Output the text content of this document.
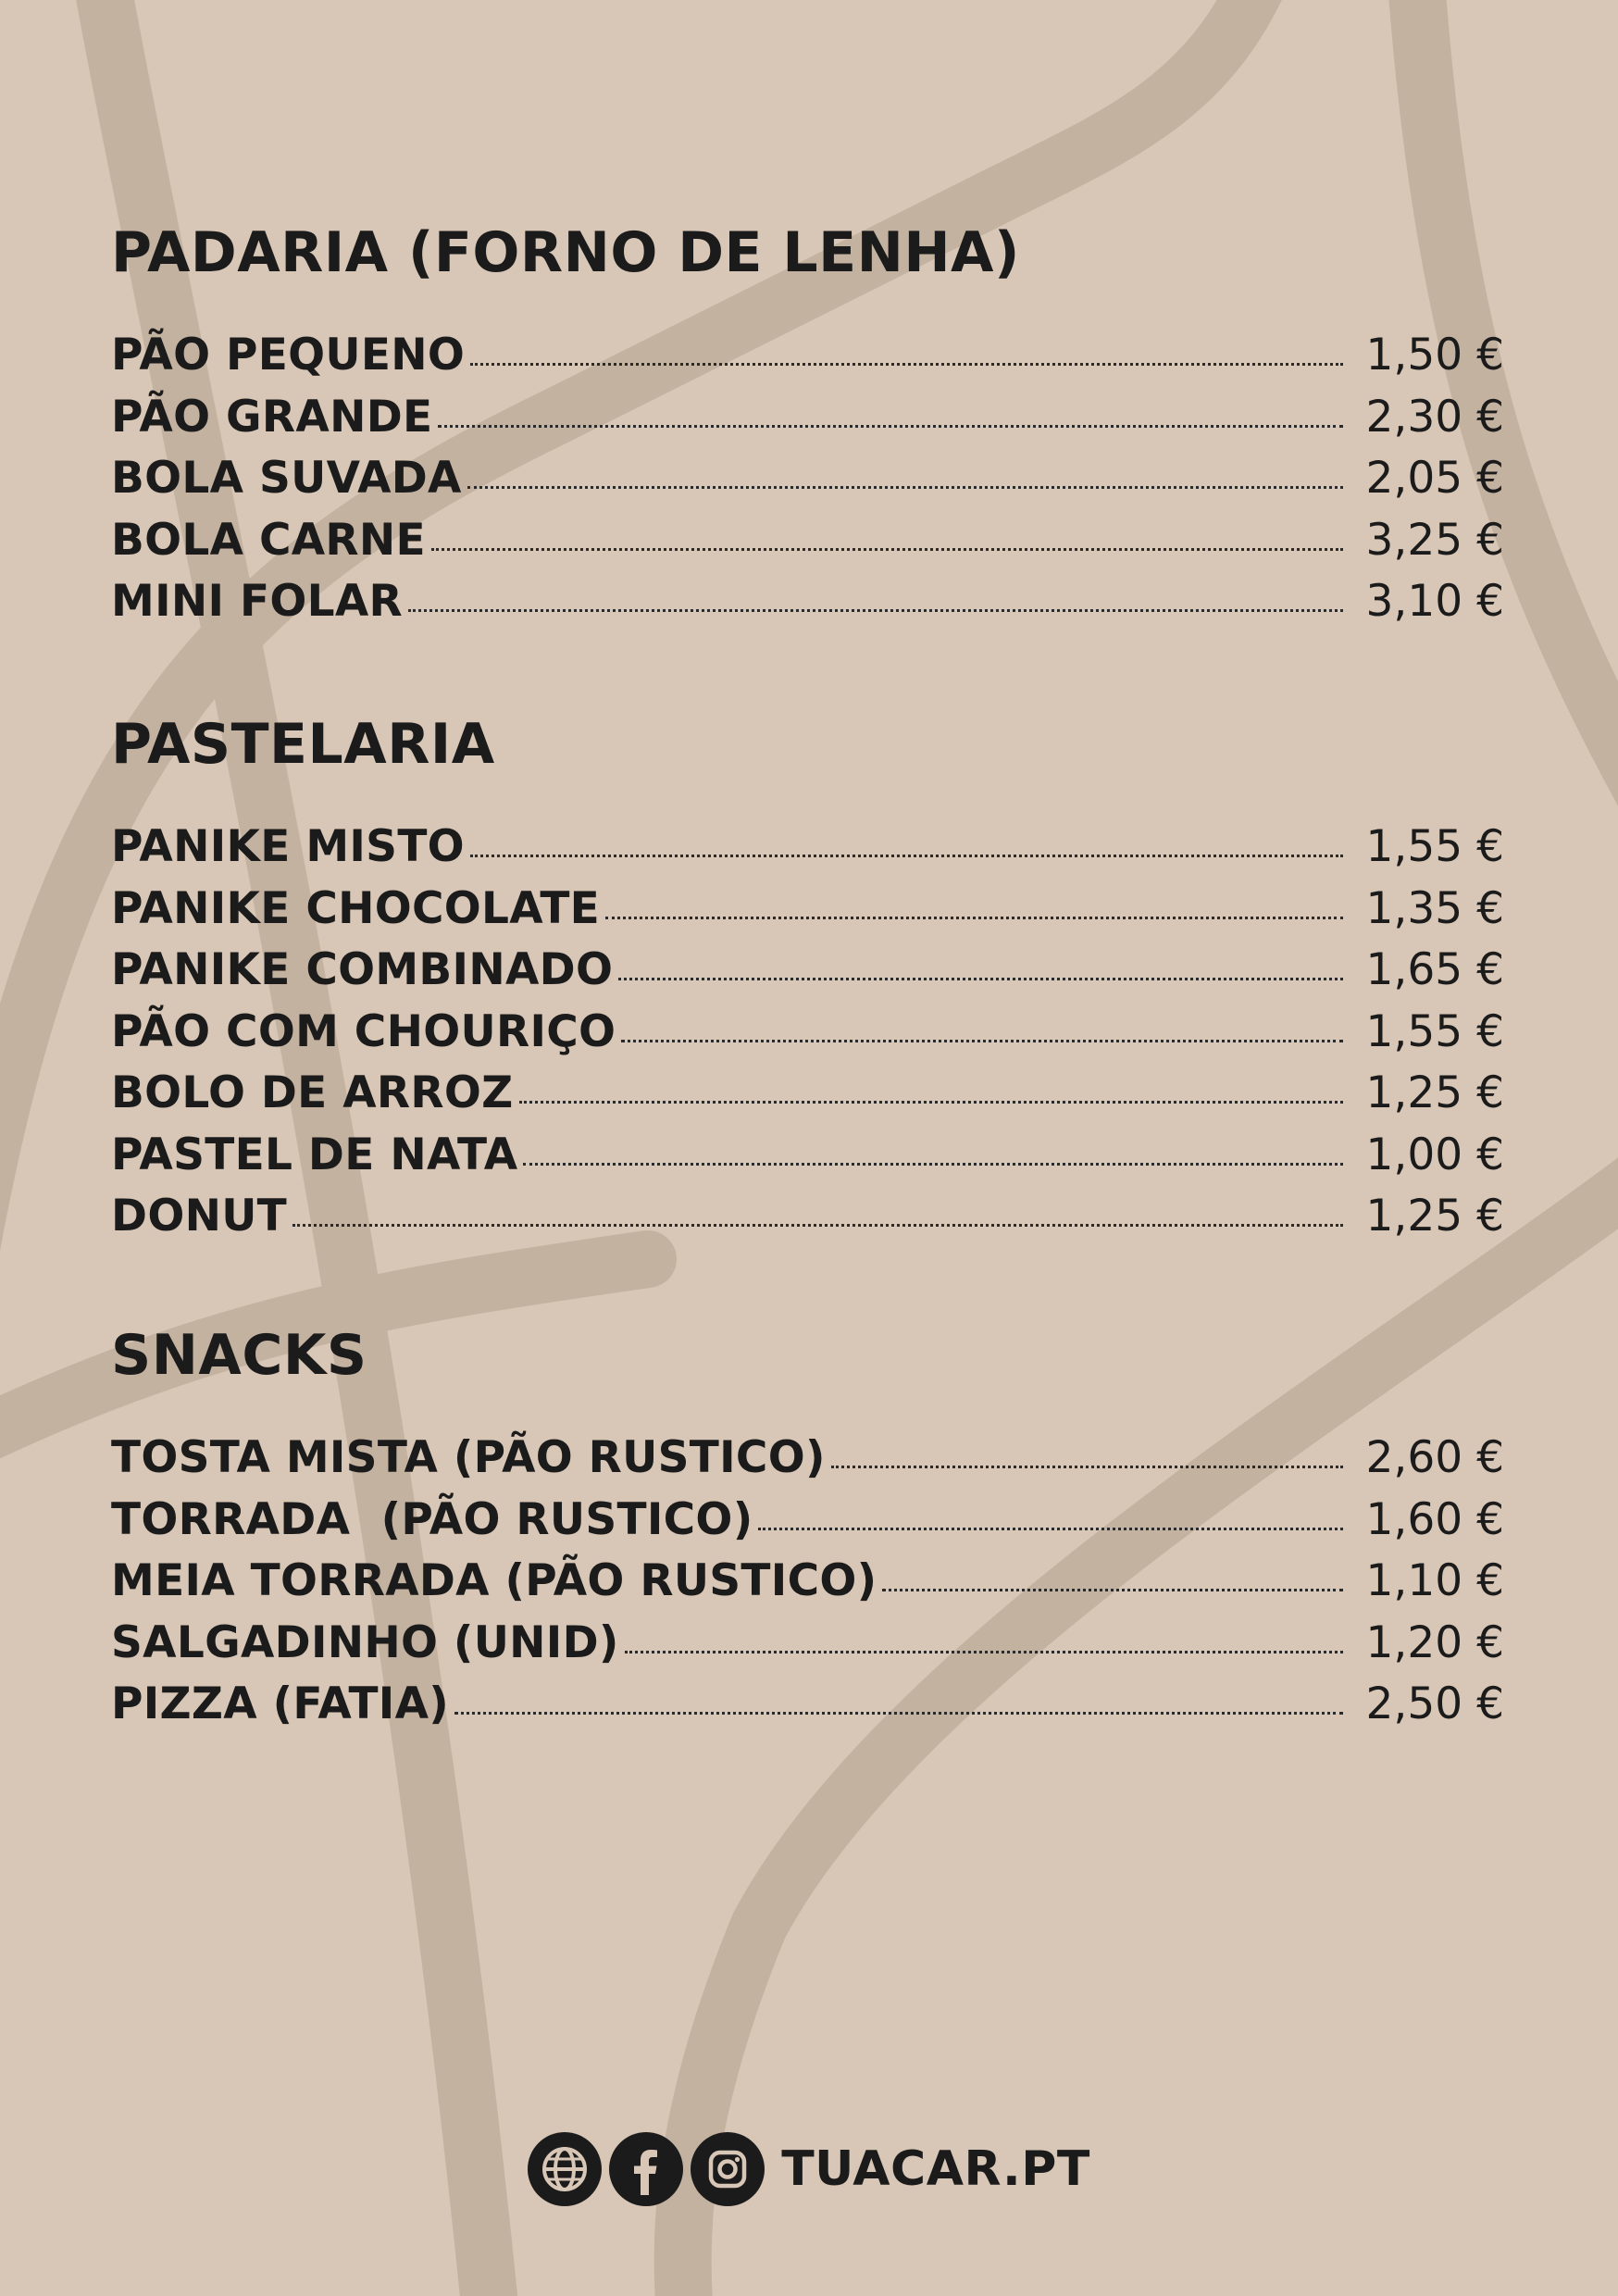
PADARIA (FORNO DE LENHA)
PÃO PEQUENO	1,50 €
PÃO GRANDE	2,30 €
BOLA SUVADA	2,05 €
BOLA CARNE	3,25 €
MINI FOLAR	3,10 €
PASTELARIA
PANIKE MISTO	1,55 €
PANIKE CHOCOLATE	1,35 €
PANIKE COMBINADO	1,65 €
PÃO COM CHOURIÇO	1,55 €
BOLO DE ARROZ	1,25 €
PASTEL DE NATA	1,00 €
DONUT	1,25 €
SNACKS
TOSTA MISTA (PÃO RUSTICO)	2,60 €
TORRADA  (PÃO RUSTICO)	1,60 €
MEIA TORRADA (PÃO RUSTICO)	1,10 €
SALGADINHO (UNID)	1,20 €
PIZZA (FATIA)	2,50 €
TUACAR.PT
